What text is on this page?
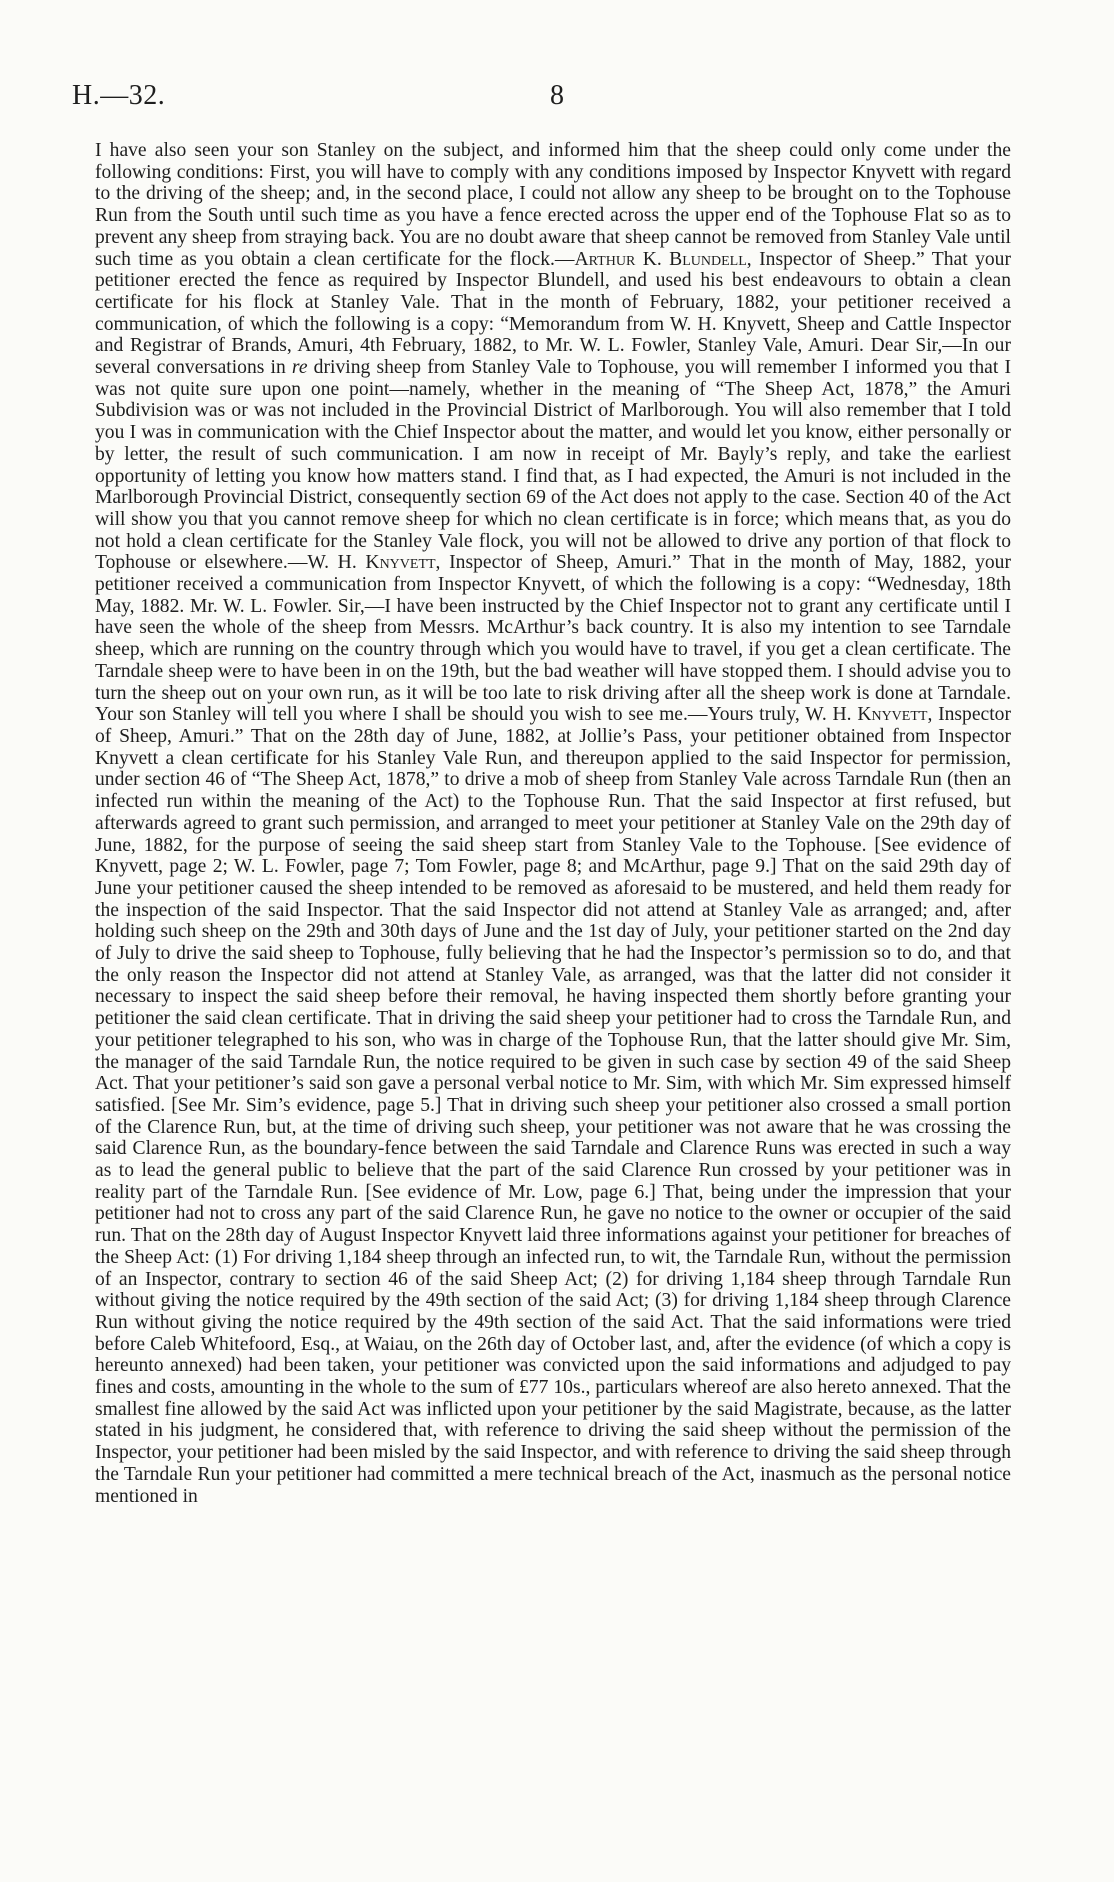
H.—32.	8

I have also seen your son Stanley on the subject, and informed him that the sheep could only come under the following conditions: First, you will have to comply with any conditions imposed by Inspector Knyvett with regard to the driving of the sheep; and, in the second place, I could not allow any sheep to be brought on to the Tophouse Run from the South until such time as you have a fence erected across the upper end of the Tophouse Flat so as to prevent any sheep from straying back. You are no doubt aware that sheep cannot be removed from Stanley Vale until such time as you obtain a clean certificate for the flock.—Arthur K. Blundell, Inspector of Sheep.” That your petitioner erected the fence as required by Inspector Blundell, and used his best endeavours to obtain a clean certificate for his flock at Stanley Vale. That in the month of February, 1882, your petitioner received a communication, of which the following is a copy: “Memorandum from W. H. Knyvett, Sheep and Cattle Inspector and Registrar of Brands, Amuri, 4th February, 1882, to Mr. W. L. Fowler, Stanley Vale, Amuri. Dear Sir,—In our several conversations in re driving sheep from Stanley Vale to Tophouse, you will remember I informed you that I was not quite sure upon one point—namely, whether in the meaning of “The Sheep Act, 1878,” the Amuri Subdivision was or was not included in the Provincial District of Marlborough. You will also remember that I told you I was in communication with the Chief Inspector about the matter, and would let you know, either personally or by letter, the result of such communication. I am now in receipt of Mr. Bayly’s reply, and take the earliest opportunity of letting you know how matters stand. I find that, as I had expected, the Amuri is not included in the Marlborough Provincial District, consequently section 69 of the Act does not apply to the case. Section 40 of the Act will show you that you cannot remove sheep for which no clean certificate is in force; which means that, as you do not hold a clean certificate for the Stanley Vale flock, you will not be allowed to drive any portion of that flock to Tophouse or elsewhere.—W. H. Knyvett, Inspector of Sheep, Amuri.” That in the month of May, 1882, your petitioner received a communication from Inspector Knyvett, of which the following is a copy: “Wednesday, 18th May, 1882. Mr. W. L. Fowler. Sir,—I have been instructed by the Chief Inspector not to grant any certificate until I have seen the whole of the sheep from Messrs. McArthur’s back country. It is also my intention to see Tarndale sheep, which are running on the country through which you would have to travel, if you get a clean certificate. The Tarndale sheep were to have been in on the 19th, but the bad weather will have stopped them. I should advise you to turn the sheep out on your own run, as it will be too late to risk driving after all the sheep work is done at Tarndale. Your son Stanley will tell you where I shall be should you wish to see me.—Yours truly, W. H. Knyvett, Inspector of Sheep, Amuri.” That on the 28th day of June, 1882, at Jollie’s Pass, your petitioner obtained from Inspector Knyvett a clean certificate for his Stanley Vale Run, and thereupon applied to the said Inspector for permission, under section 46 of “The Sheep Act, 1878,” to drive a mob of sheep from Stanley Vale across Tarndale Run (then an infected run within the meaning of the Act) to the Tophouse Run. That the said Inspector at first refused, but afterwards agreed to grant such permission, and arranged to meet your petitioner at Stanley Vale on the 29th day of June, 1882, for the purpose of seeing the said sheep start from Stanley Vale to the Tophouse. [See evidence of Knyvett, page 2; W. L. Fowler, page 7; Tom Fowler, page 8; and McArthur, page 9.] That on the said 29th day of June your petitioner caused the sheep intended to be removed as aforesaid to be mustered, and held them ready for the inspection of the said Inspector. That the said Inspector did not attend at Stanley Vale as arranged; and, after holding such sheep on the 29th and 30th days of June and the 1st day of July, your petitioner started on the 2nd day of July to drive the said sheep to Tophouse, fully believing that he had the Inspector’s permission so to do, and that the only reason the Inspector did not attend at Stanley Vale, as arranged, was that the latter did not consider it necessary to inspect the said sheep before their removal, he having inspected them shortly before granting your petitioner the said clean certificate. That in driving the said sheep your petitioner had to cross the Tarndale Run, and your petitioner telegraphed to his son, who was in charge of the Tophouse Run, that the latter should give Mr. Sim, the manager of the said Tarndale Run, the notice required to be given in such case by section 49 of the said Sheep Act. That your petitioner’s said son gave a personal verbal notice to Mr. Sim, with which Mr. Sim expressed himself satisfied. [See Mr. Sim’s evidence, page 5.] That in driving such sheep your petitioner also crossed a small portion of the Clarence Run, but, at the time of driving such sheep, your petitioner was not aware that he was crossing the said Clarence Run, as the boundary-fence between the said Tarndale and Clarence Runs was erected in such a way as to lead the general public to believe that the part of the said Clarence Run crossed by your petitioner was in reality part of the Tarndale Run. [See evidence of Mr. Low, page 6.] That, being under the impression that your petitioner had not to cross any part of the said Clarence Run, he gave no notice to the owner or occupier of the said run. That on the 28th day of August Inspector Knyvett laid three informations against your petitioner for breaches of the Sheep Act: (1) For driving 1,184 sheep through an infected run, to wit, the Tarndale Run, without the permission of an Inspector, contrary to section 46 of the said Sheep Act; (2) for driving 1,184 sheep through Tarndale Run without giving the notice required by the 49th section of the said Act; (3) for driving 1,184 sheep through Clarence Run without giving the notice required by the 49th section of the said Act. That the said informations were tried before Caleb Whitefoord, Esq., at Waiau, on the 26th day of October last, and, after the evidence (of which a copy is hereunto annexed) had been taken, your petitioner was convicted upon the said informations and adjudged to pay fines and costs, amounting in the whole to the sum of £77 10s., particulars whereof are also hereto annexed. That the smallest fine allowed by the said Act was inflicted upon your petitioner by the said Magistrate, because, as the latter stated in his judgment, he considered that, with reference to driving the said sheep without the permission of the Inspector, your petitioner had been misled by the said Inspector, and with reference to driving the said sheep through the Tarndale Run your petitioner had committed a mere technical breach of the Act, inasmuch as the personal notice mentioned in
